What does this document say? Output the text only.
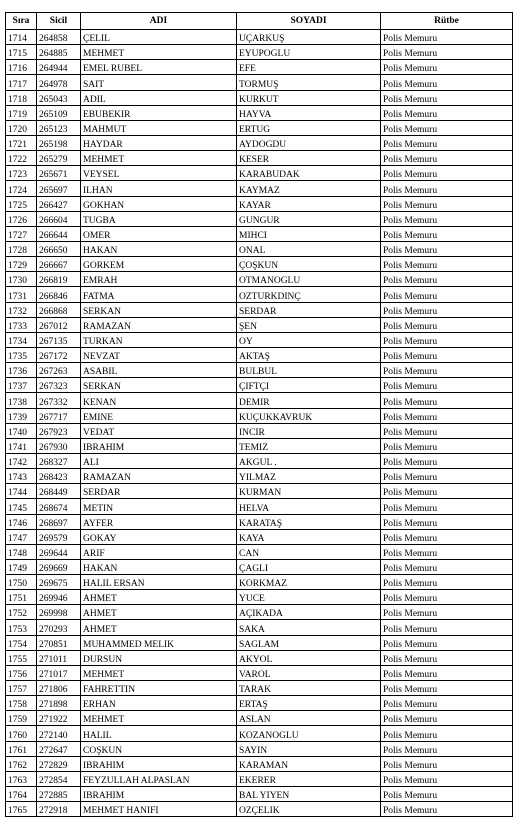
Sıra	Sicil	ADI	SOYADI	Rütbe
1714	264858	ÇELIL	UÇARKUŞ	Polis Memuru
1715	264885	MEHMET	EYUPOGLU	Polis Memuru
1716	264944	EMEL RUBEL	EFE	Polis Memuru
1717	264978	SAIT	TORMUŞ	Polis Memuru
1718	265043	ADIL	KURKUT	Polis Memuru
1719	265109	EBUBEKIR	HAYVA	Polis Memuru
1720	265123	MAHMUT	ERTUG	Polis Memuru
1721	265198	HAYDAR	AYDOGDU	Polis Memuru
1722	265279	MEHMET	KESER	Polis Memuru
1723	265671	VEYSEL	KARABUDAK	Polis Memuru
1724	265697	ILHAN	KAYMAZ	Polis Memuru
1725	266427	GOKHAN	KAYAR	Polis Memuru
1726	266604	TUGBA	GUNGUR	Polis Memuru
1727	266644	OMER	MIHCI	Polis Memuru
1728	266650	HAKAN	ONAL	Polis Memuru
1729	266667	GORKEM	ÇOŞKUN	Polis Memuru
1730	266819	EMRAH	OTMANOGLU	Polis Memuru
1731	266846	FATMA	OZTURKDINÇ	Polis Memuru
1732	266868	SERKAN	SERDAR	Polis Memuru
1733	267012	RAMAZAN	ŞEN	Polis Memuru
1734	267135	TURKAN	OY	Polis Memuru
1735	267172	NEVZAT	AKTAŞ	Polis Memuru
1736	267263	ASABIL	BULBUL	Polis Memuru
1737	267323	SERKAN	ÇIFTÇI	Polis Memuru
1738	267332	KENAN	DEMIR	Polis Memuru
1739	267717	EMINE	KUÇUKKAVRUK	Polis Memuru
1740	267923	VEDAT	INCIR	Polis Memuru
1741	267930	IBRAHIM	TEMIZ	Polis Memuru
1742	268327	ALI	AKGUL .	Polis Memuru
1743	268423	RAMAZAN	YILMAZ	Polis Memuru
1744	268449	SERDAR	KURMAN	Polis Memuru
1745	268674	METIN	HELVA	Polis Memuru
1746	268697	AYFER	KARATAŞ	Polis Memuru
1747	269579	GOKAY	KAYA	Polis Memuru
1748	269644	ARIF	CAN	Polis Memuru
1749	269669	HAKAN	ÇAGLI	Polis Memuru
1750	269675	HALIL ERSAN	KORKMAZ	Polis Memuru
1751	269946	AHMET	YUCE	Polis Memuru
1752	269998	AHMET	AÇIKADA	Polis Memuru
1753	270293	AHMET	SAKA	Polis Memuru
1754	270851	MUHAMMED MELIK	SAGLAM	Polis Memuru
1755	271011	DURSUN	AKYOL	Polis Memuru
1756	271017	MEHMET	VAROL	Polis Memuru
1757	271806	FAHRETTIN	TARAK	Polis Memuru
1758	271898	ERHAN	ERTAŞ	Polis Memuru
1759	271922	MEHMET	ASLAN	Polis Memuru
1760	272140	HALIL	KOZANOGLU	Polis Memuru
1761	272647	COŞKUN	SAYIN	Polis Memuru
1762	272829	IBRAHIM	KARAMAN	Polis Memuru
1763	272854	FEYZULLAH ALPASLAN	EKERER	Polis Memuru
1764	272885	IBRAHIM	BAL YIYEN	Polis Memuru
1765	272918	MEHMET HANIFI	OZÇELIK	Polis Memuru
